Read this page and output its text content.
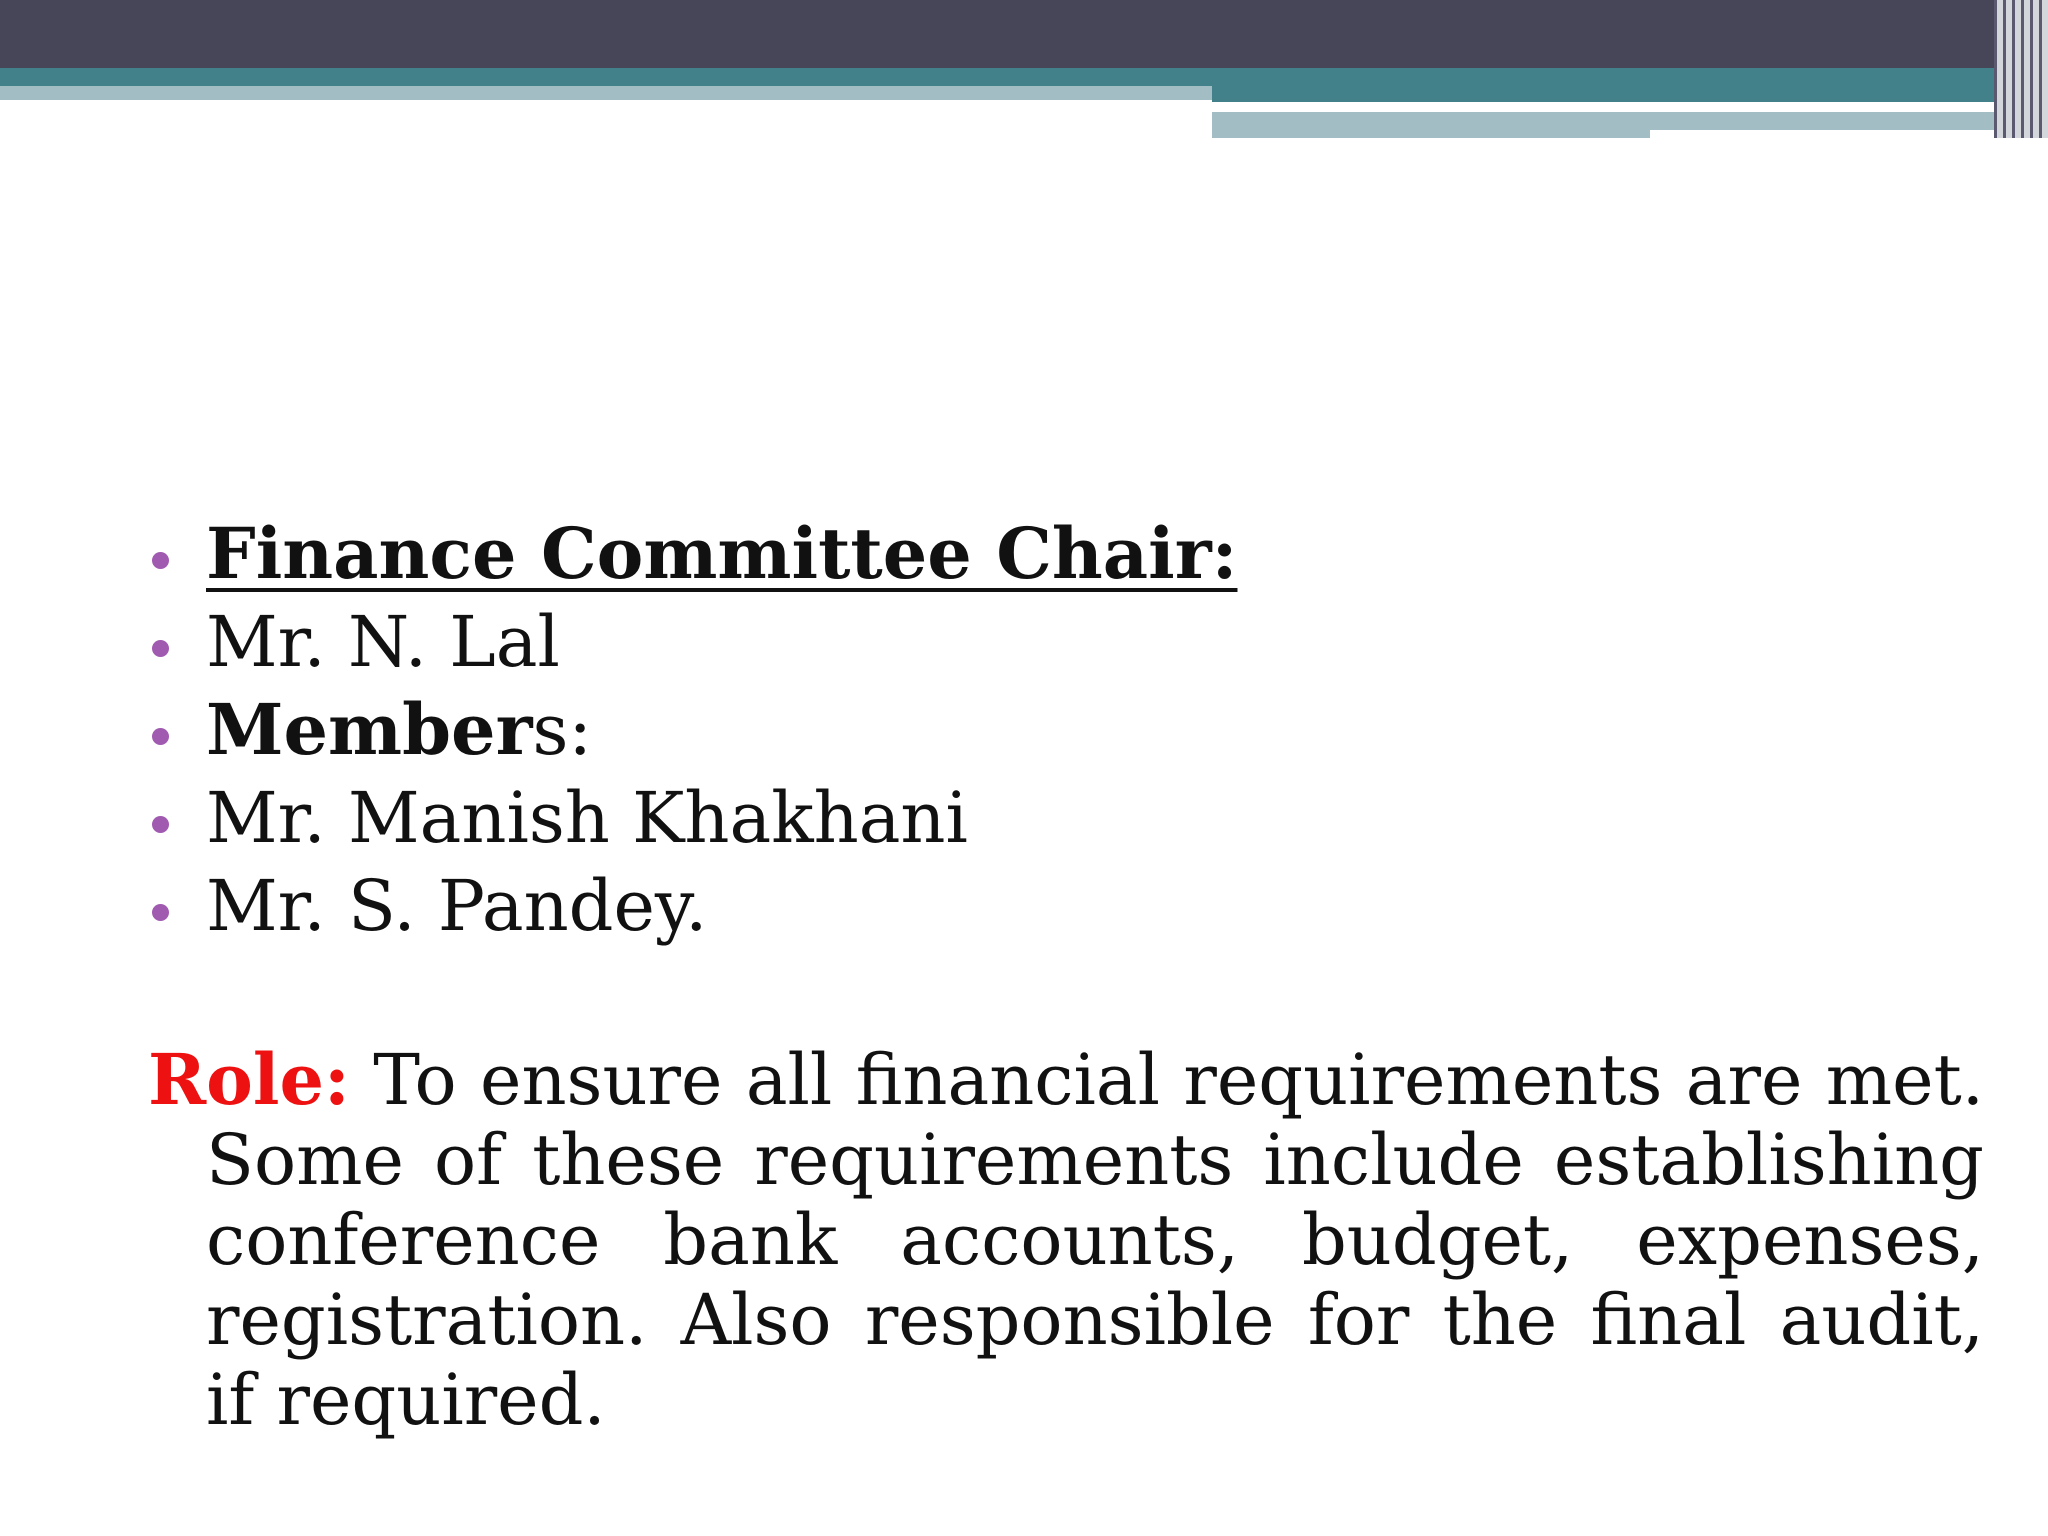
Finance Committee Chair:
Mr. N. Lal
Members:
Mr. Manish Khakhani
Mr. S. Pandey.

Role: To ensure all financial requirements are met. Some of these requirements include establishing conference bank accounts, budget, expenses, registration. Also responsible for the final audit, if required.
